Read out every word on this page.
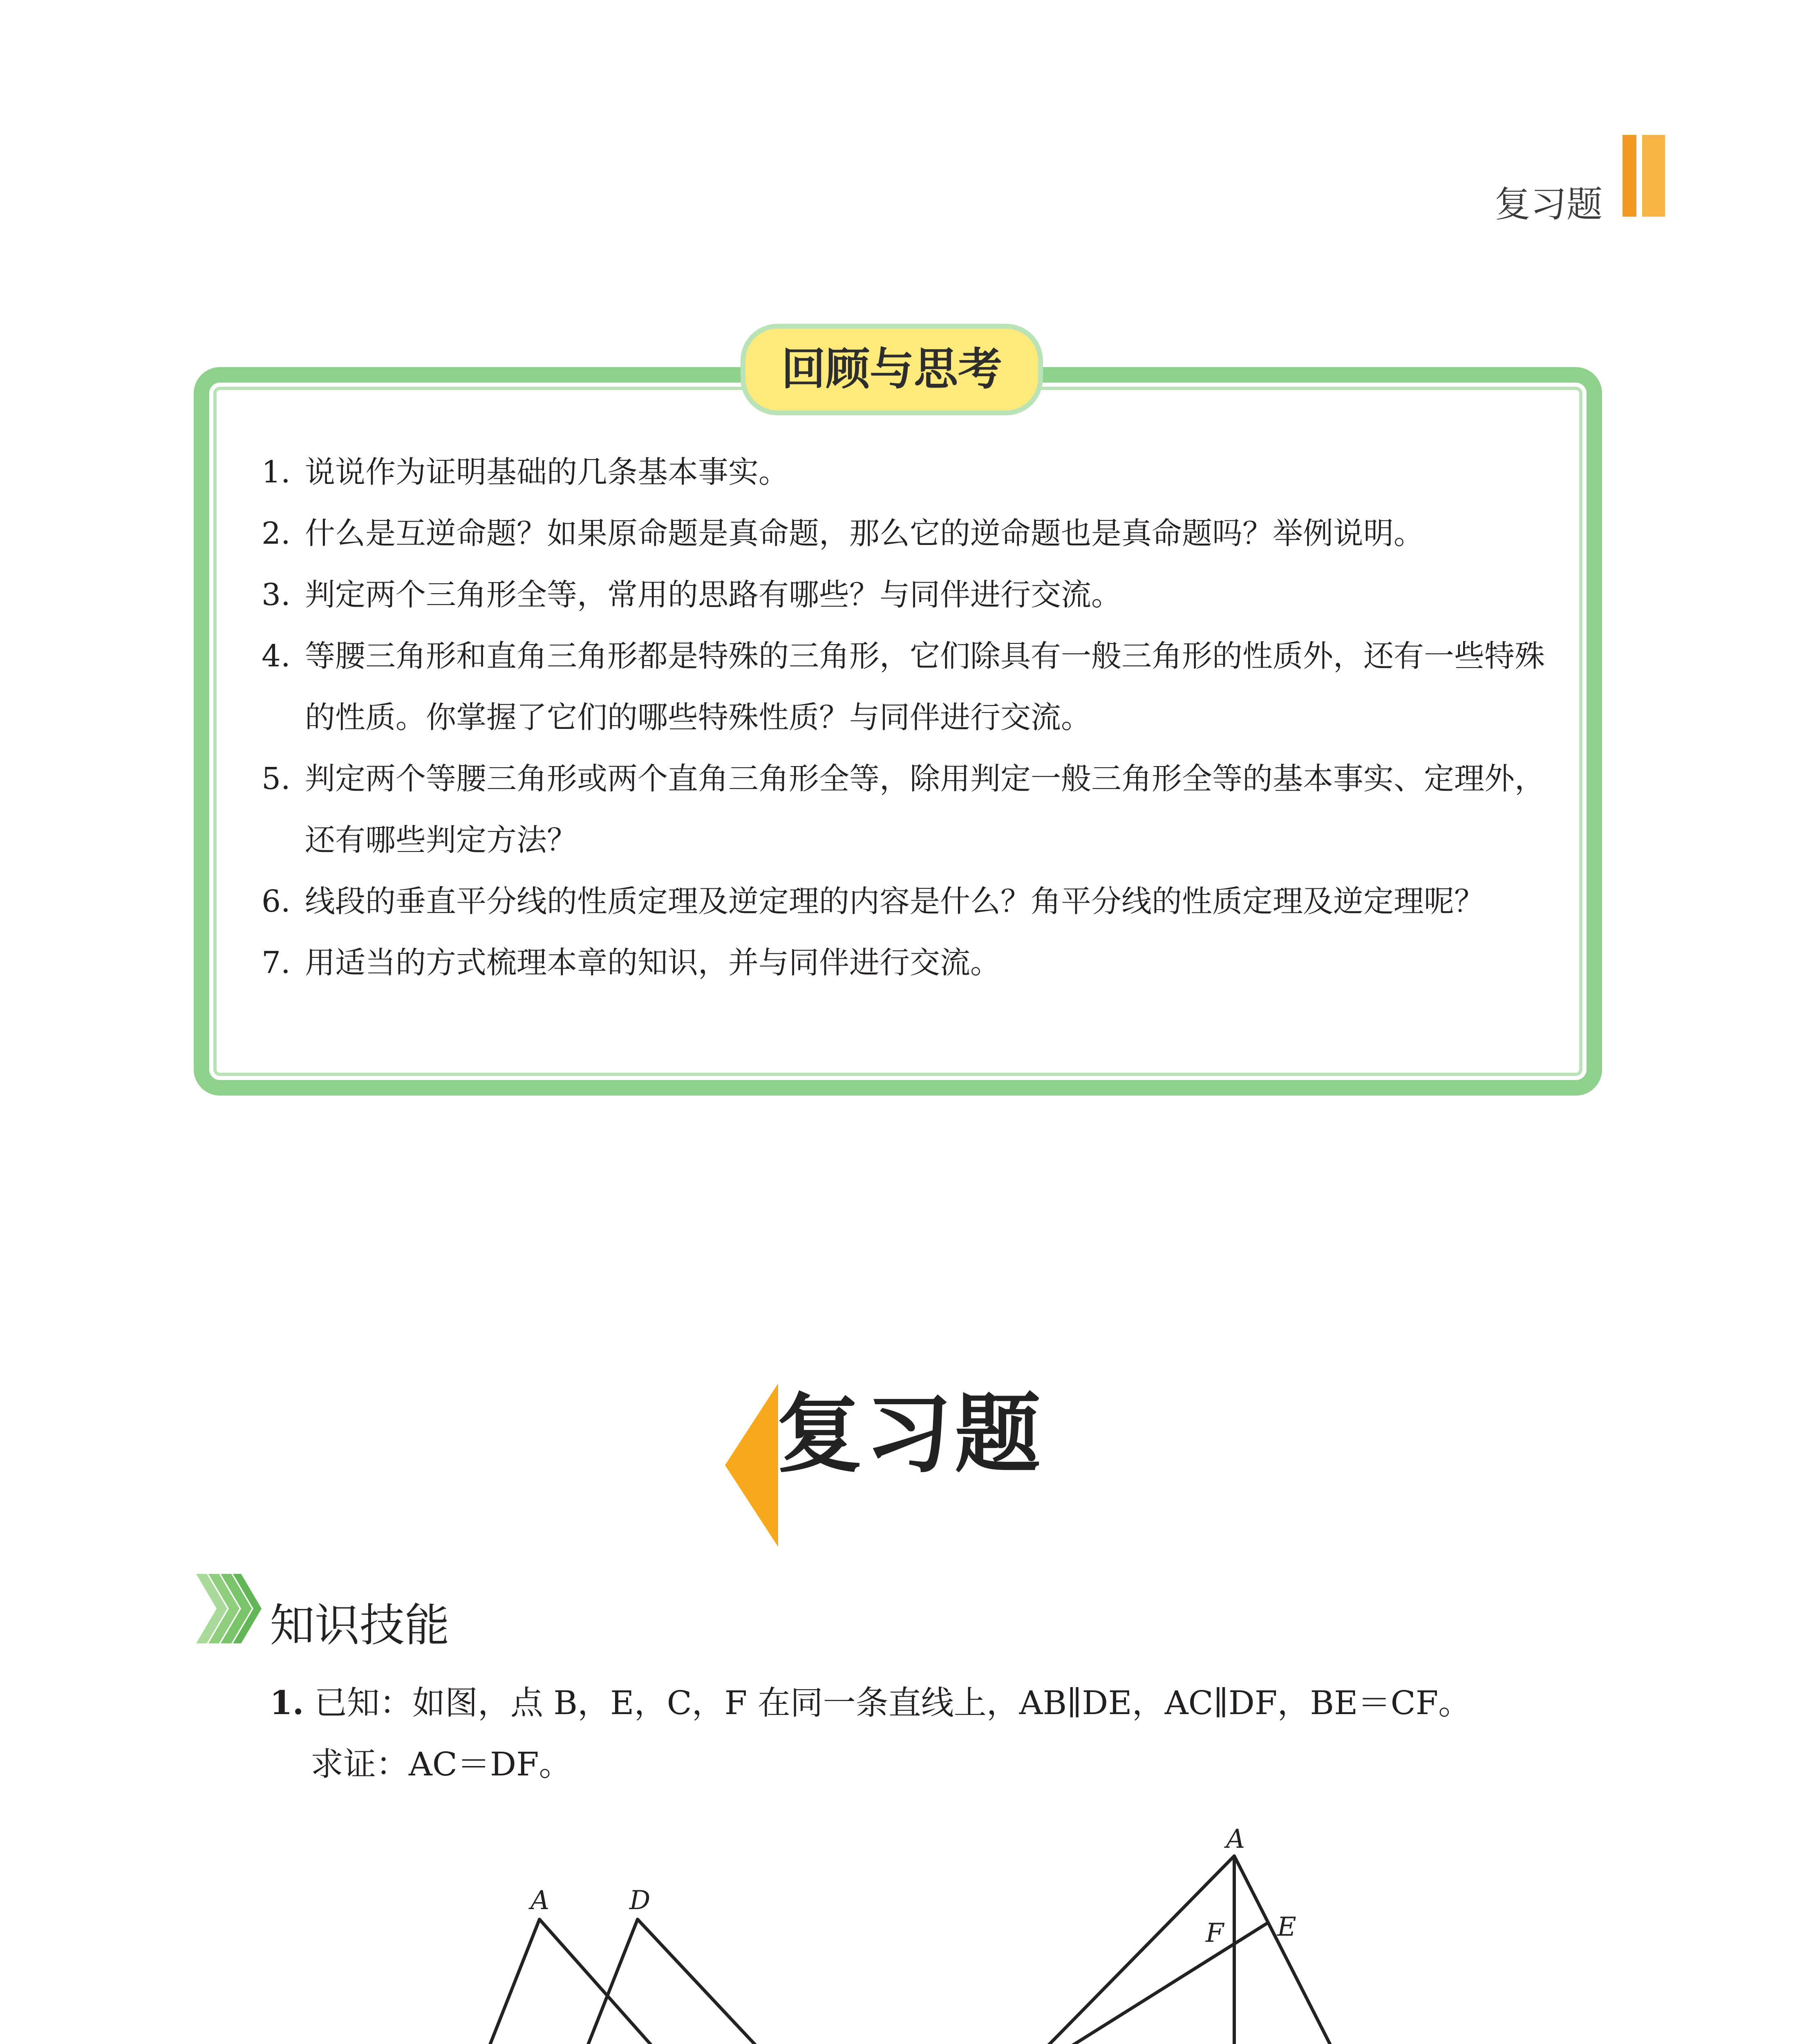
复习题
回顾与思考
1. 说说作为证明基础的几条基本事实。
2. 什么是互逆命题？如果原命题是真命题，那么它的逆命题也是真命题吗？举例说明。
3. 判定两个三角形全等，常用的思路有哪些？与同伴进行交流。
4. 等腰三角形和直角三角形都是特殊的三角形，它们除具有一般三角形的性质外，还有一些特殊的性质。你掌握了它们的哪些特殊性质？与同伴进行交流。
5. 判定两个等腰三角形或两个直角三角形全等，除用判定一般三角形全等的基本事实、定理外，还有哪些判定方法？
6. 线段的垂直平分线的性质定理及逆定理的内容是什么？角平分线的性质定理及逆定理呢？
7. 用适当的方式梳理本章的知识，并与同伴进行交流。
复习题
知识技能
1. 已知：如图，点 B，E，C，F 在同一条直线上，AB∥DE，AC∥DF，BE＝CF。
求证：AC＝DF。
A	D
A
E
F
